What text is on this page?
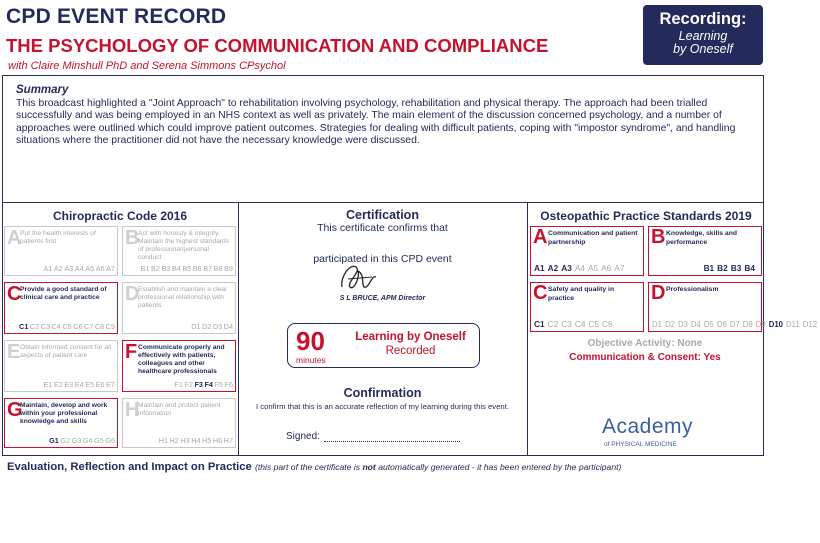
CPD EVENT RECORD
THE PSYCHOLOGY OF COMMUNICATION AND COMPLIANCE
with Claire Minshull PhD and Serena Simmons CPsychol
Recording:
Learning
by Oneself
Summary
This broadcast highlighted a "Joint Approach" to rehabilitation involving psychology, rehabilitation and physical therapy. The approach had been trialled successfully and was being employed in an NHS context as well as privately. The main element of the discussion concerned psychology, and a number of approaches were outlined which could improve patient outcomes. Strategies for dealing with difficult patients, coping with "impostor syndrome", and handling situations where the practitioner did not have the necessary knowledge were discussed.
Chiropractic Code 2016
A
Put the health interests of patients first
A1 A2 A3 A4 A5 A6 A7
B
Act with honesty & integrity. Maintain the highest standards of professional/personal conduct
B1 B2 B3 B4 B5 B6 B7 B8 B9
C
Provide a good standard of clinical care and practice
C1 C2 C3 C4 C5 C6 C7 C8 C9
D
Establish and maintain a clear professional relationship with patients
D1 D2 D3 D4
E Obtain informed consent for all aspects of patient care
E1 E2 E3 E4 E5 E6 E7
F Communicate properly and effectively with patients, colleagues and other healthcare professionals
F1 F2 F3 F4 F5 F6
G
Maintain, develop and work within your professional knowledge and skills
G1 G2 G3 G4 G5 G6
H
Maintain and protect patient information
H1 H2 H3 H4 H5 H6 H7
Certification
This certificate confirms that
participated in this CPD event
S L BRUCE, APM Director
90
minutes
Learning by Oneself
Recorded
Confirmation
I confirm that this is an accurate reflection of my learning during this event.
Signed:
Osteopathic Practice Standards 2019
A Communication and patient partnership
A1 A2 A3 A4 A5 A6 A7
B Knowledge, skills and performance
B1 B2 B3 B4
C Safety and quality in practice
C1 C2 C3 C4 C5 C6
D Professionalism
D1 D2 D3 D4 D5 D6 D7 D8 D9 D10 D11 D12
Objective Activity: None
Communication & Consent: Yes
Academy
of PHYSICAL MEDICINE
Evaluation, Reflection and Impact on Practice (this part of the certificate is not automatically generated - it has been entered by the participant)
